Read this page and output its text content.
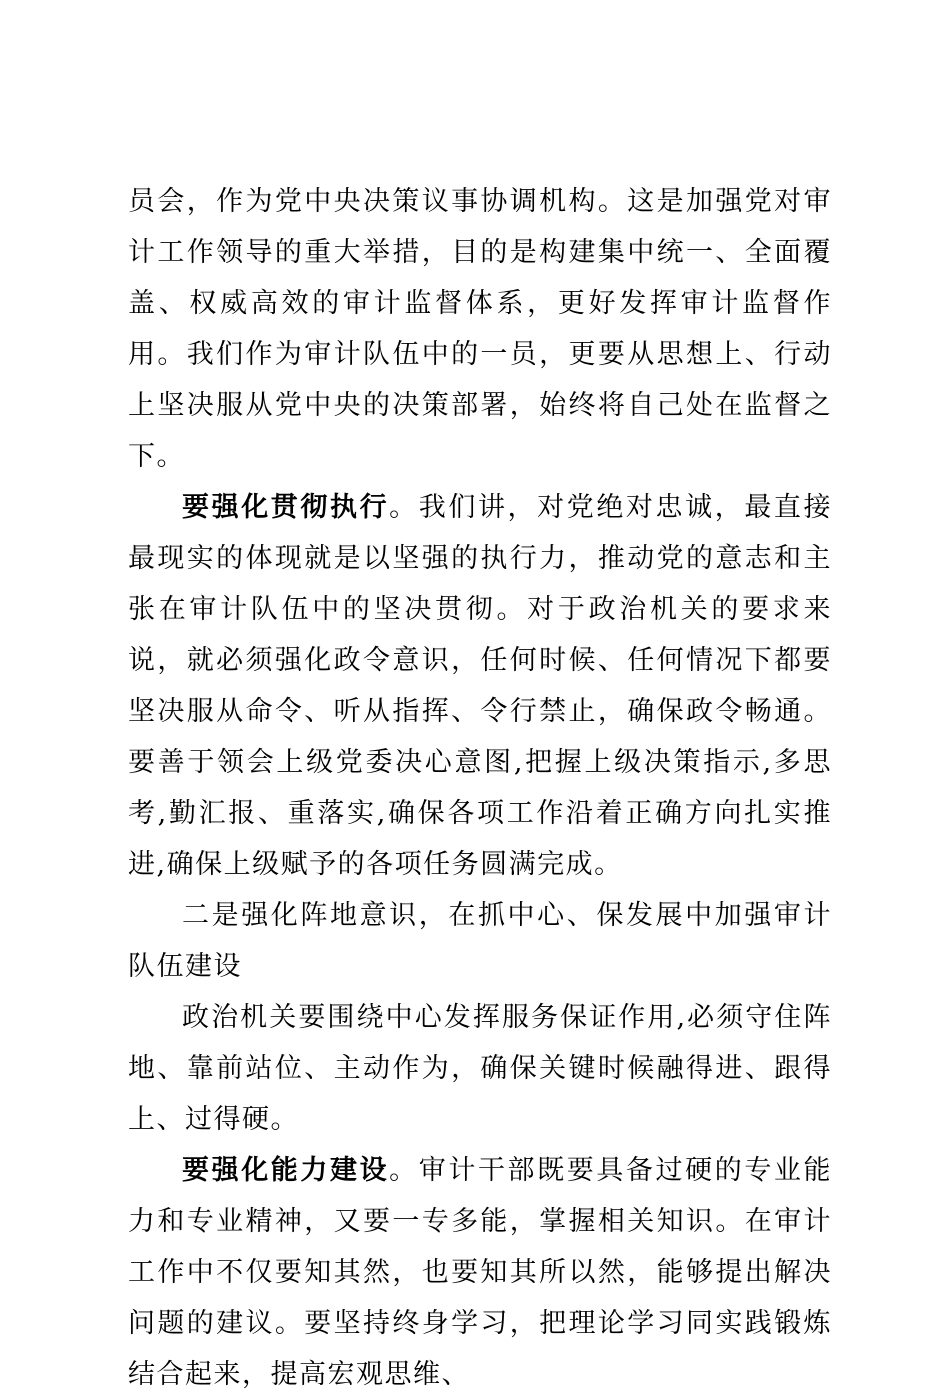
员会，作为党中央决策议事协调机构。这是加强党对审计工作领导的重大举措，目的是构建集中统一、全面覆盖、权威高效的审计监督体系，更好发挥审计监督作用。我们作为审计队伍中的一员，更要从思想上、行动上坚决服从党中央的决策部署，始终将自己处在监督之下。

要强化贯彻执行。我们讲，对党绝对忠诚，最直接最现实的体现就是以坚强的执行力，推动党的意志和主张在审计队伍中的坚决贯彻。对于政治机关的要求来说，就必须强化政令意识，任何时候、任何情况下都要坚决服从命令、听从指挥、令行禁止，确保政令畅通。要善于领会上级党委决心意图,把握上级决策指示,多思考,勤汇报、重落实,确保各项工作沿着正确方向扎实推进,确保上级赋予的各项任务圆满完成。

二是强化阵地意识，在抓中心、保发展中加强审计队伍建设

政治机关要围绕中心发挥服务保证作用,必须守住阵地、靠前站位、主动作为，确保关键时候融得进、跟得上、过得硬。

要强化能力建设。审计干部既要具备过硬的专业能力和专业精神，又要一专多能，掌握相关知识。在审计工作中不仅要知其然，也要知其所以然，能够提出解决问题的建议。要坚持终身学习，把理论学习同实践锻炼结合起来，提高宏观思维、
